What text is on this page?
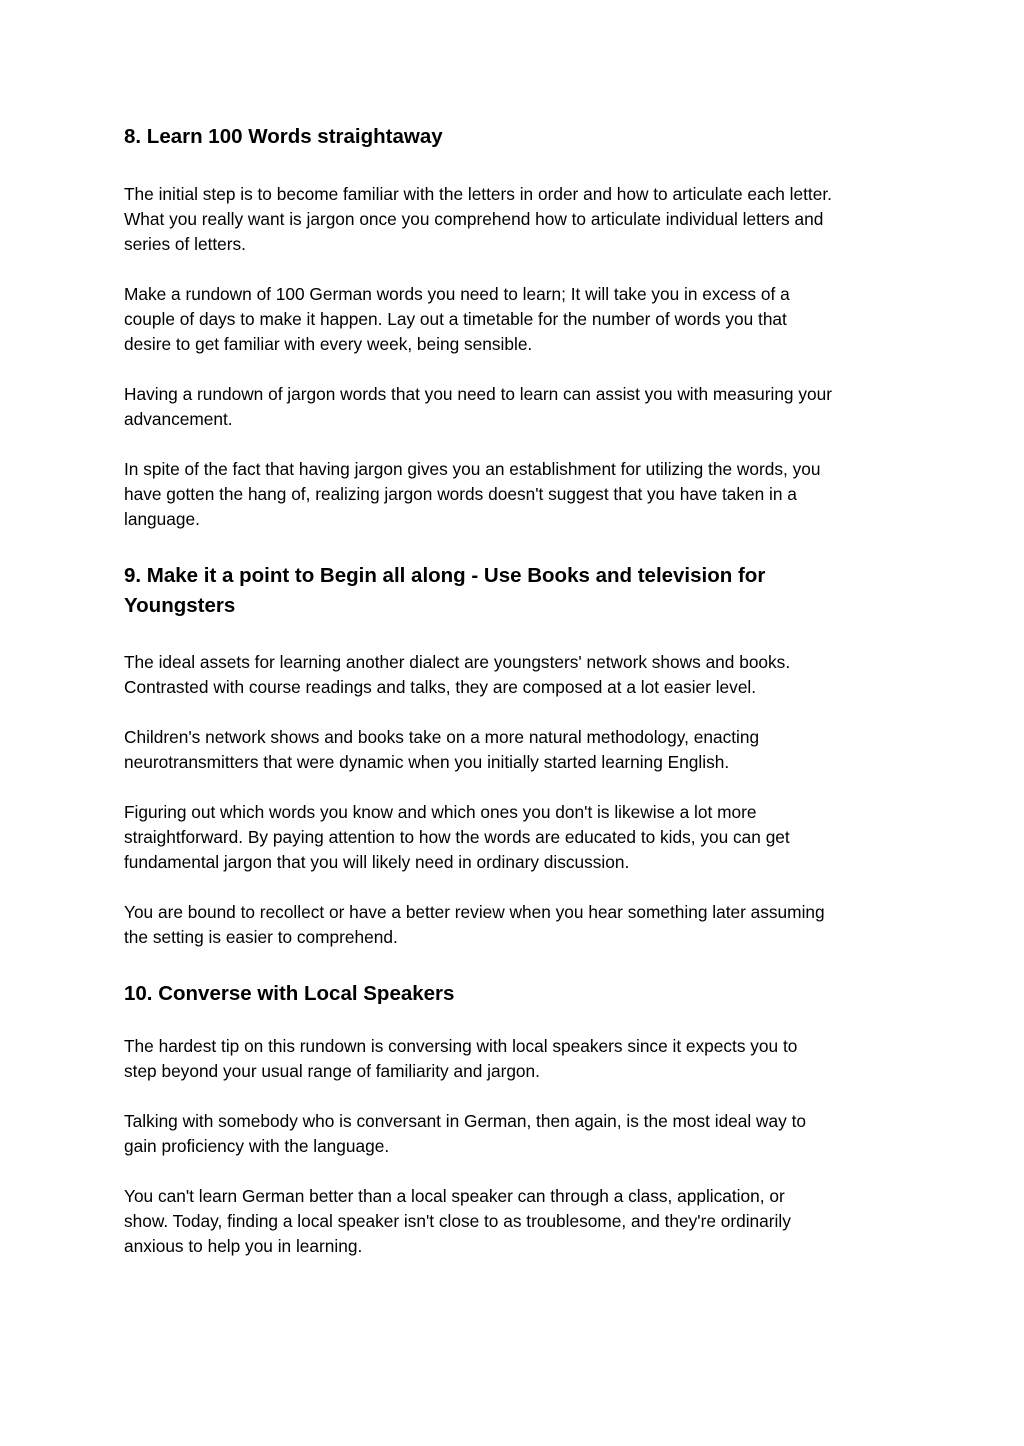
8. Learn 100 Words straightaway

The initial step is to become familiar with the letters in order and how to articulate each letter.
What you really want is jargon once you comprehend how to articulate individual letters and
series of letters.

Make a rundown of 100 German words you need to learn; It will take you in excess of a
couple of days to make it happen. Lay out a timetable for the number of words you that
desire to get familiar with every week, being sensible.

Having a rundown of jargon words that you need to learn can assist you with measuring your
advancement.

In spite of the fact that having jargon gives you an establishment for utilizing the words, you
have gotten the hang of, realizing jargon words doesn't suggest that you have taken in a
language.

9. Make it a point to Begin all along - Use Books and television for
Youngsters

The ideal assets for learning another dialect are youngsters' network shows and books.
Contrasted with course readings and talks, they are composed at a lot easier level.

Children's network shows and books take on a more natural methodology, enacting
neurotransmitters that were dynamic when you initially started learning English.

Figuring out which words you know and which ones you don't is likewise a lot more
straightforward. By paying attention to how the words are educated to kids, you can get
fundamental jargon that you will likely need in ordinary discussion.

You are bound to recollect or have a better review when you hear something later assuming
the setting is easier to comprehend.

10. Converse with Local Speakers

The hardest tip on this rundown is conversing with local speakers since it expects you to
step beyond your usual range of familiarity and jargon.

Talking with somebody who is conversant in German, then again, is the most ideal way to
gain proficiency with the language.

You can't learn German better than a local speaker can through a class, application, or
show. Today, finding a local speaker isn't close to as troublesome, and they're ordinarily
anxious to help you in learning.
